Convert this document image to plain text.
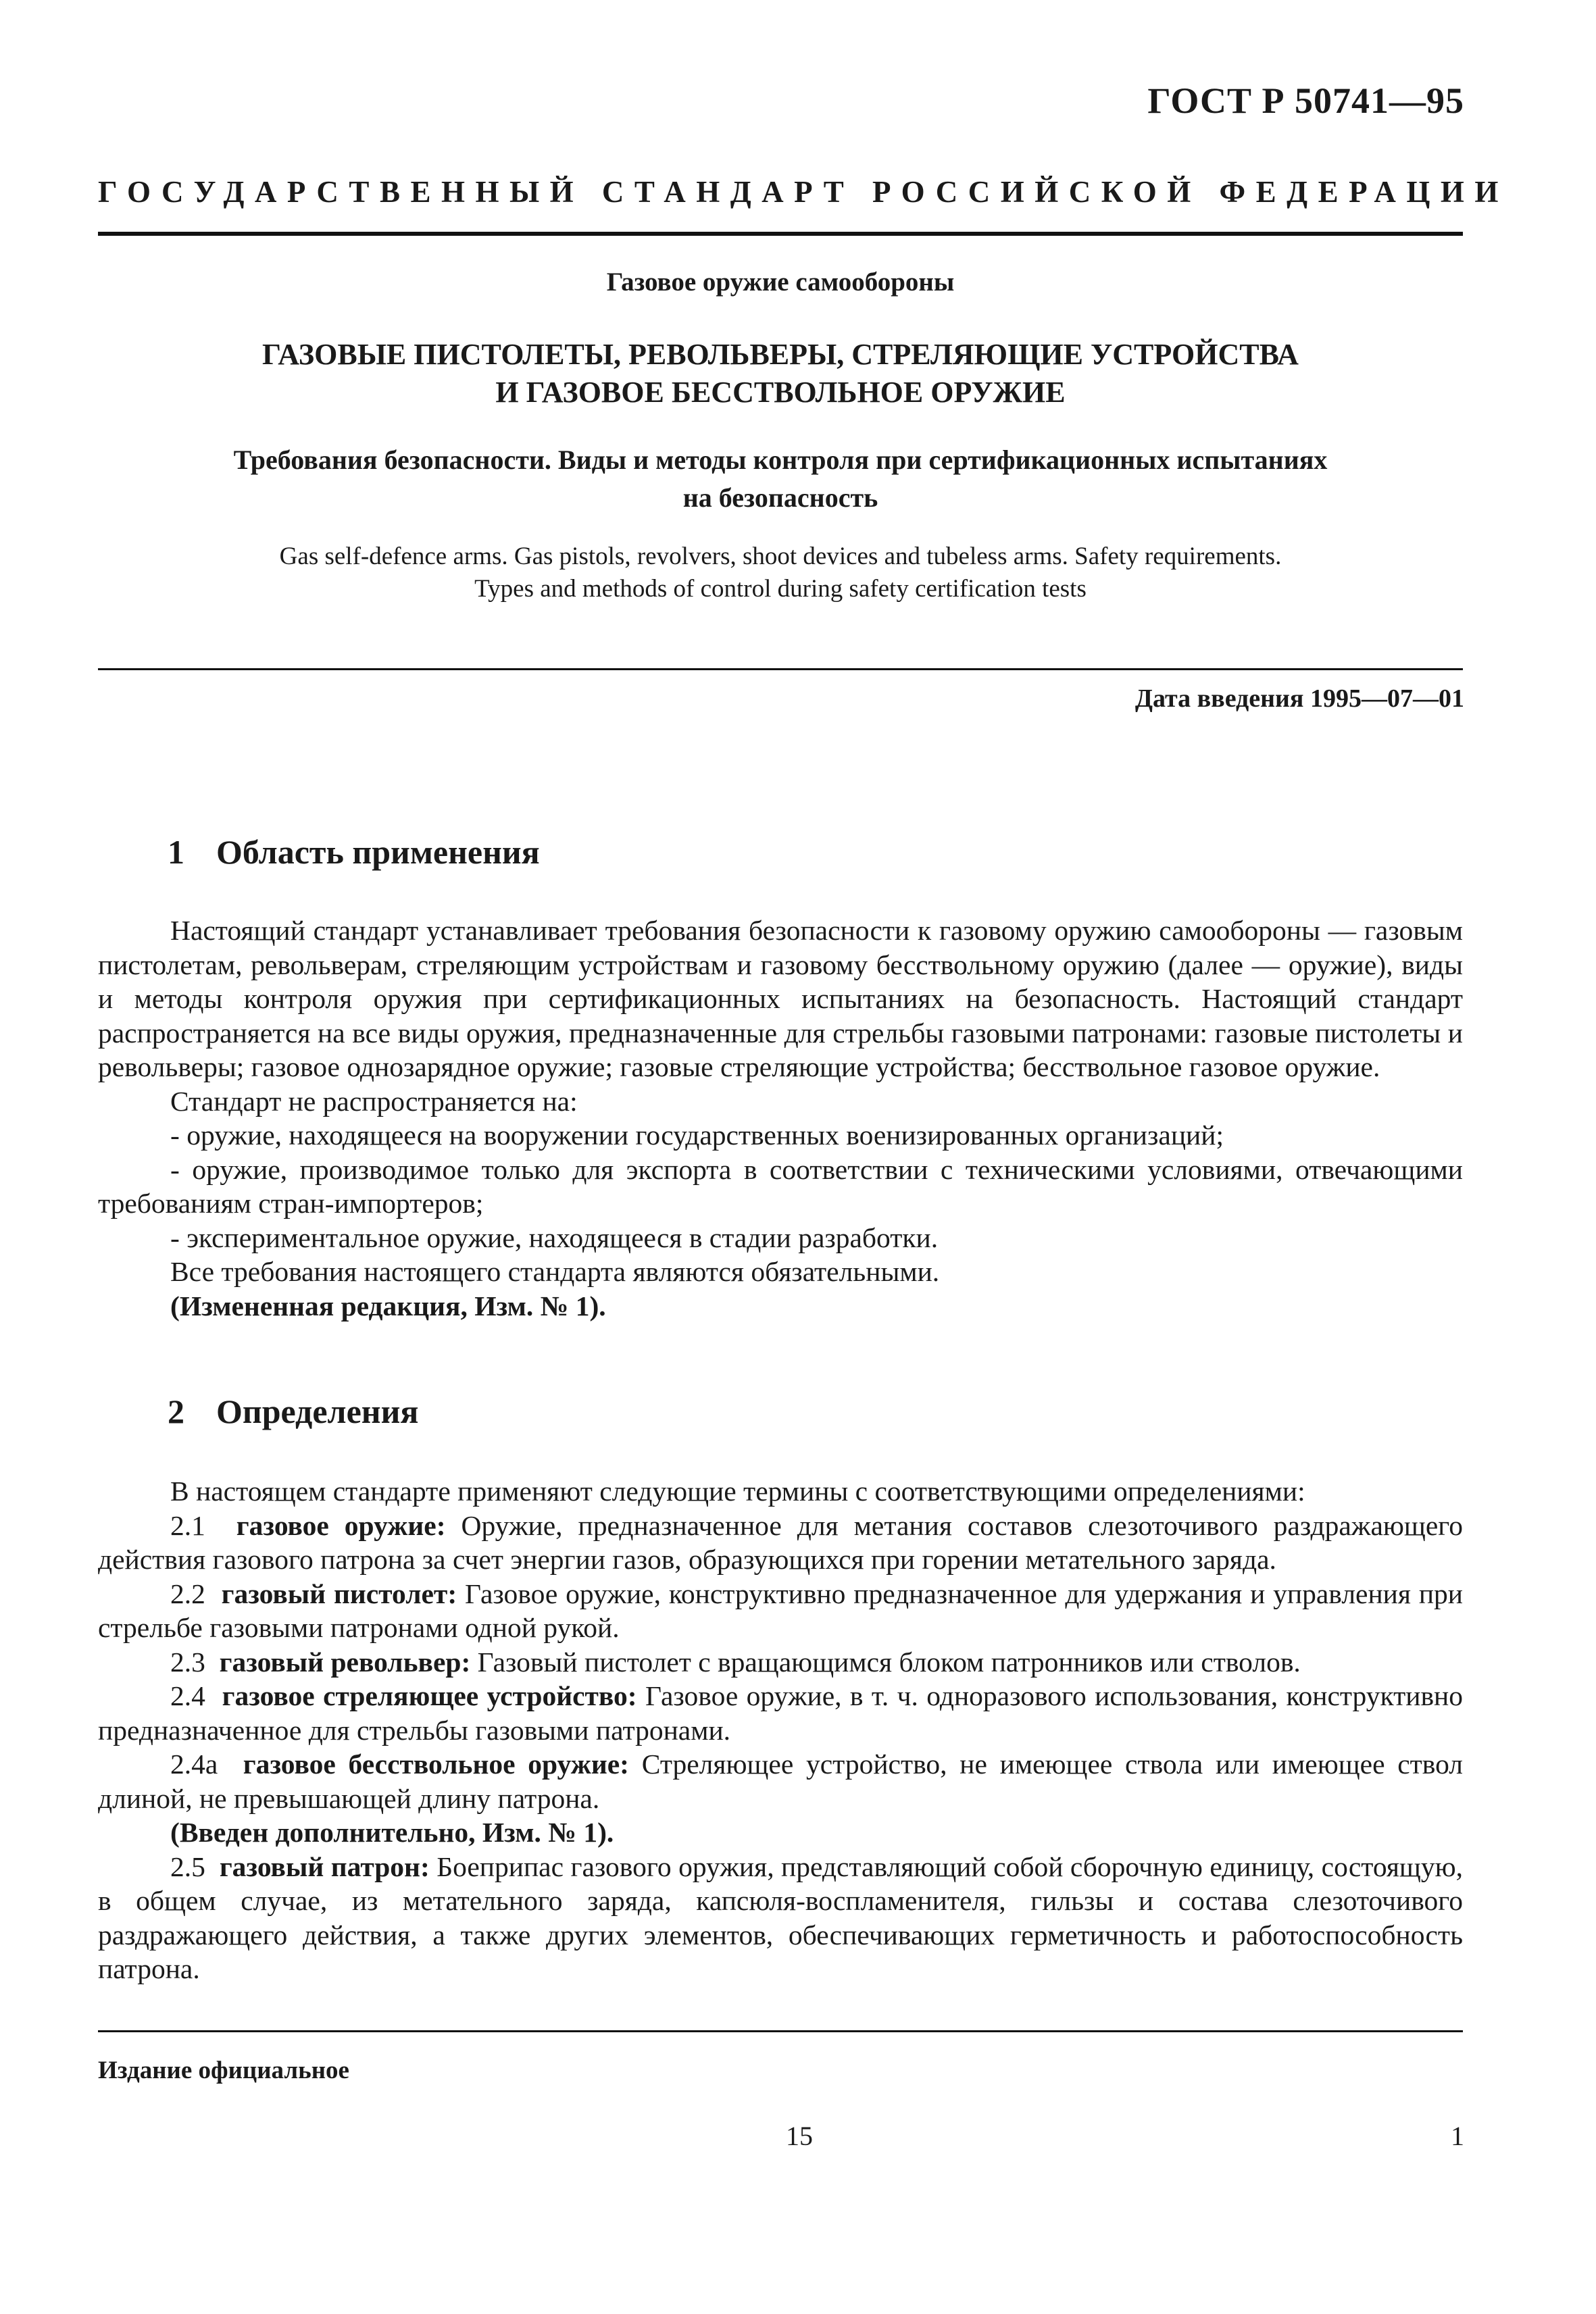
ГОСТ Р 50741—95
ГОСУДАРСТВЕННЫЙ СТАНДАРТ РОССИЙСКОЙ ФЕДЕРАЦИИ
Газовое оружие самообороны
ГАЗОВЫЕ ПИСТОЛЕТЫ, РЕВОЛЬВЕРЫ, СТРЕЛЯЮЩИЕ УСТРОЙСТВА
И ГАЗОВОЕ БЕССТВОЛЬНОЕ ОРУЖИЕ
Требования безопасности. Виды и методы контроля при сертификационных испытаниях
на безопасность
Gas self-defence arms. Gas pistols, revolvers, shoot devices and tubeless arms. Safety requirements.
Types and methods of control during safety certification tests
Дата введения 1995—07—01
1 Область применения

Настоящий стандарт устанавливает требования безопасности к газовому оружию самообороны — газовым пистолетам, револьверам, стреляющим устройствам и газовому бесствольному оружию (далее — оружие), виды и методы контроля оружия при сертификационных испытаниях на безопасность. Настоящий стандарт распространяется на все виды оружия, предназначенные для стрельбы газовыми патронами: газовые пистолеты и револьверы; газовое однозарядное оружие; газовые стреляющие устройства; бесствольное газовое оружие.

Стандарт не распространяется на:

- оружие, находящееся на вооружении государственных военизированных организаций;

- оружие, производимое только для экспорта в соответствии с техническими условиями, отвечающими требованиям стран-импортеров;

- экспериментальное оружие, находящееся в стадии разработки.

Все требования настоящего стандарта являются обязательными.

(Измененная редакция, Изм. № 1).

2 Определения

В настоящем стандарте применяют следующие термины с соответствующими определениями:

2.1 газовое оружие: Оружие, предназначенное для метания составов слезоточивого раздражающего действия газового патрона за счет энергии газов, образующихся при горении метательного заряда.

2.2 газовый пистолет: Газовое оружие, конструктивно предназначенное для удержания и управления при стрельбе газовыми патронами одной рукой.

2.3 газовый револьвер: Газовый пистолет с вращающимся блоком патронников или стволов.

2.4 газовое стреляющее устройство: Газовое оружие, в т. ч. одноразового использования, конструктивно предназначенное для стрельбы газовыми патронами.

2.4а газовое бесствольное оружие: Стреляющее устройство, не имеющее ствола или имеющее ствол длиной, не превышающей длину патрона.

(Введен дополнительно, Изм. № 1).

2.5 газовый патрон: Боеприпас газового оружия, представляющий собой сборочную единицу, состоящую, в общем случае, из метательного заряда, капсюля-воспламенителя, гильзы и состава слезоточивого раздражающего действия, а также других элементов, обеспечивающих герметичность и работоспособность патрона.

Издание официальное
15	1
